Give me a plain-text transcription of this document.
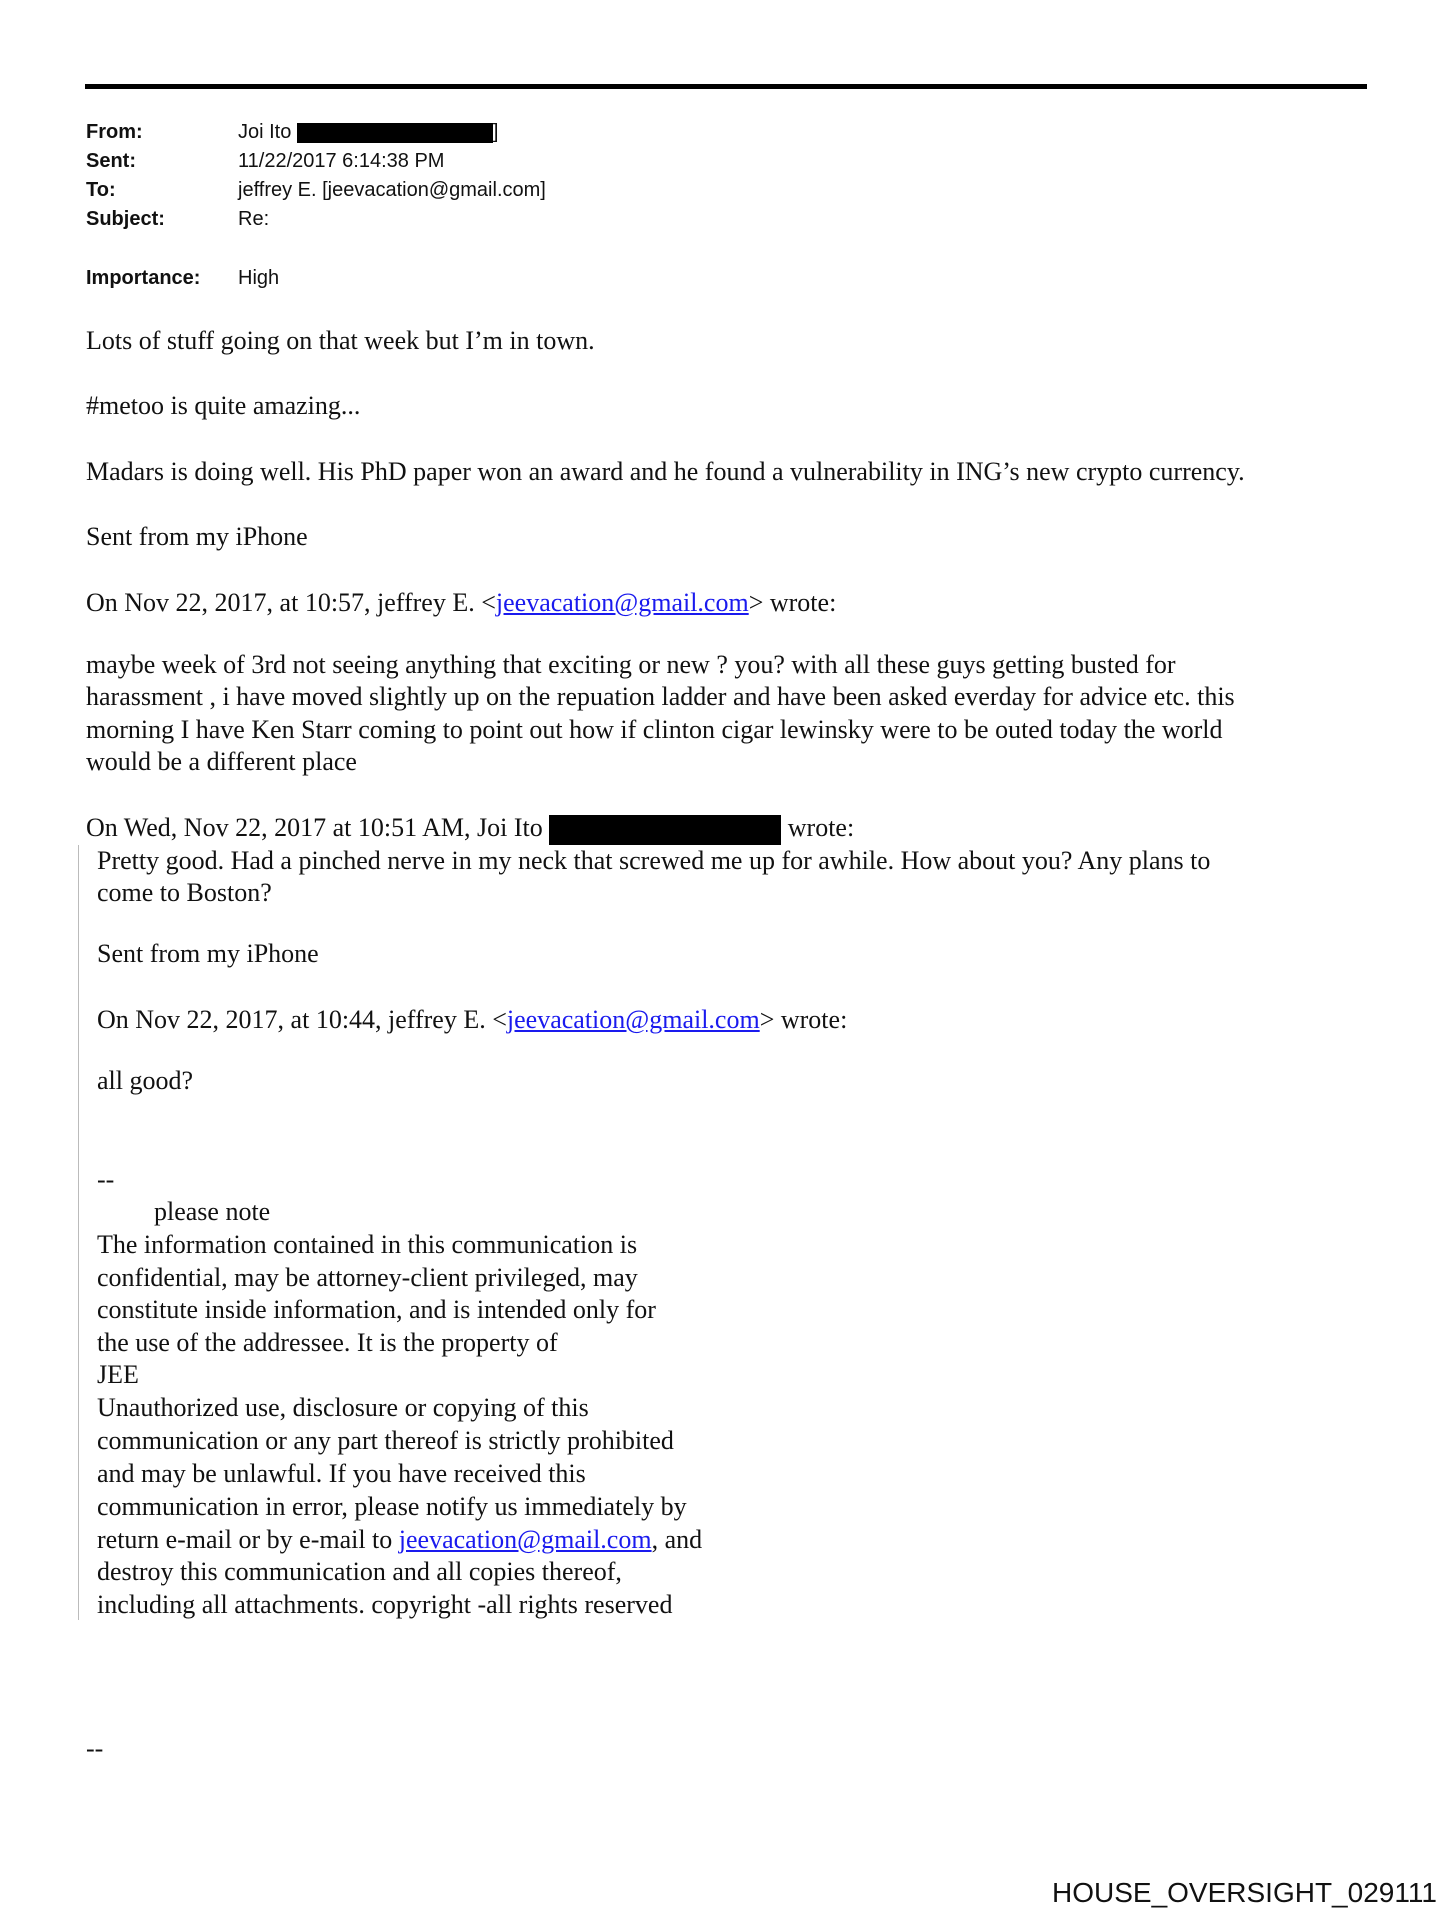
From:	Joi Ito	]
Sent:	11/22/2017 6:14:38 PM
To:	jeffrey E. [jeevacation@gmail.com]
Subject:	Re:
Importance: High
Lots of stuff going on that week but I’m in town.
#metoo is quite amazing...
Madars is doing well. His PhD paper won an award and he found a vulnerability in ING’s new crypto currency.
Sent from my iPhone
On Nov 22, 2017, at 10:57, jeffrey E. <jeevacation@gmail.com> wrote:
maybe week of 3rd not seeing anything that exciting or new ? you? with all these guys getting busted for
harassment , i have moved slightly up on the repuation ladder and have been asked everday for advice etc. this
morning I have Ken Starr coming to point out how if clinton cigar lewinsky were to be outed today the world
would be a different place
On Wed, Nov 22, 2017 at 10:51 AM, Joi Ito	wrote:
Pretty good. Had a pinched nerve in my neck that screwed me up for awhile. How about you? Any plans to
come to Boston?
Sent from my iPhone
On Nov 22, 2017, at 10:44, jeffrey E. <jeevacation@gmail.com> wrote:
all good?
--
please note
The information contained in this communication is
confidential, may be attorney-client privileged, may
constitute inside information, and is intended only for
the use of the addressee. It is the property of
JEE
Unauthorized use, disclosure or copying of this
communication or any part thereof is strictly prohibited
and may be unlawful. If you have received this
communication in error, please notify us immediately by
return e-mail or by e-mail to jeevacation@gmail.com, and
destroy this communication and all copies thereof,
including all attachments. copyright -all rights reserved
--
HOUSE_OVERSIGHT_029111
